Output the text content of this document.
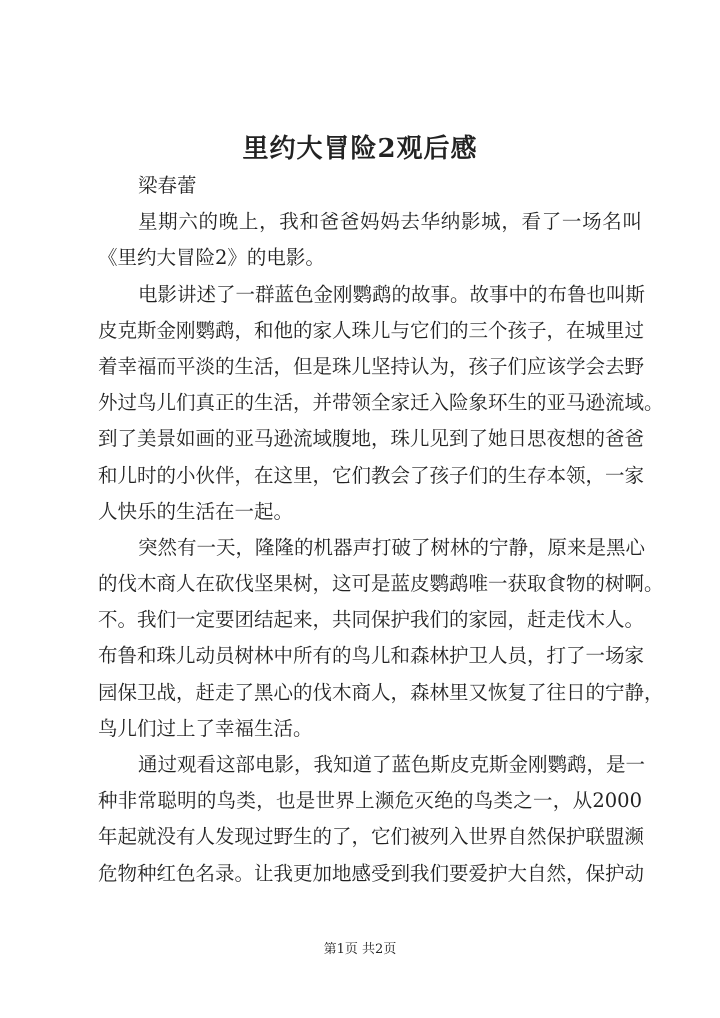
里约大冒险2观后感
梁春蕾
星期六的晚上，我和爸爸妈妈去华纳影城，看了一场名叫
《里约大冒险2》的电影。
电影讲述了一群蓝色金刚鹦鹉的故事。故事中的布鲁也叫斯
皮克斯金刚鹦鹉，和他的家人珠儿与它们的三个孩子，在城里过
着幸福而平淡的生活，但是珠儿坚持认为，孩子们应该学会去野
外过鸟儿们真正的生活，并带领全家迁入险象环生的亚马逊流域。
到了美景如画的亚马逊流域腹地，珠儿见到了她日思夜想的爸爸
和儿时的小伙伴，在这里，它们教会了孩子们的生存本领，一家
人快乐的生活在一起。
突然有一天，隆隆的机器声打破了树林的宁静，原来是黑心
的伐木商人在砍伐坚果树，这可是蓝皮鹦鹉唯一获取食物的树啊。
不。我们一定要团结起来，共同保护我们的家园，赶走伐木人。
布鲁和珠儿动员树林中所有的鸟儿和森林护卫人员，打了一场家
园保卫战，赶走了黑心的伐木商人，森林里又恢复了往日的宁静，
鸟儿们过上了幸福生活。
通过观看这部电影，我知道了蓝色斯皮克斯金刚鹦鹉，是一
种非常聪明的鸟类，也是世界上濒危灭绝的鸟类之一，从2000
年起就没有人发现过野生的了，它们被列入世界自然保护联盟濒
危物种红色名录。让我更加地感受到我们要爱护大自然，保护动
第1页 共2页
